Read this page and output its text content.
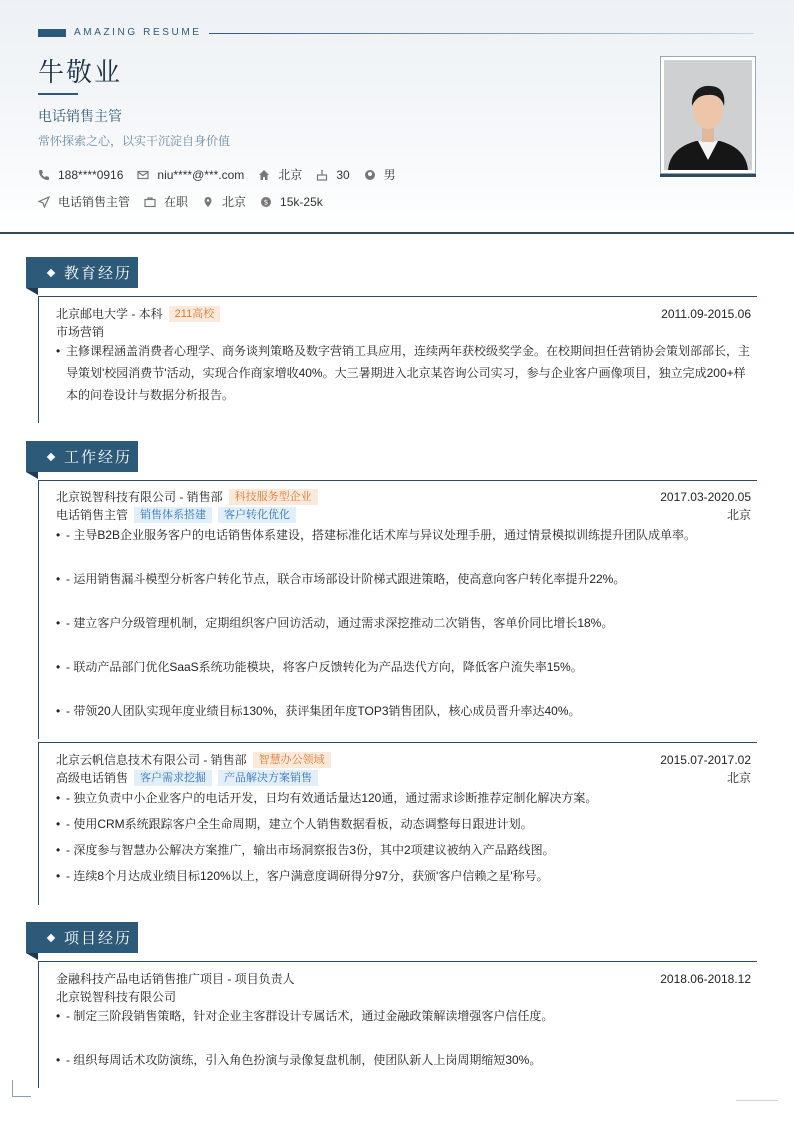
AMAZING RESUME
牛敬业
电话销售主管
常怀探索之心，以实干沉淀自身价值
188****0916	niu****@***.com	北京	30	男
电话销售主管	在职	北京	$ 15k-25k
教育经历
北京邮电大学 - 本科	211高校	2011.09-2015.06
市场营销
• 主修课程涵盖消费者心理学、商务谈判策略及数字营销工具应用，连续两年获校级奖学金。在校期间担任营销协会策划部部长，主导策划'校园消费节'活动，实现合作商家增收40%。大三暑期进入北京某咨询公司实习，参与企业客户画像项目，独立完成200+样本的问卷设计与数据分析报告。
工作经历
北京锐智科技有限公司 - 销售部	科技服务型企业	2017.03-2020.05
电话销售主管	销售体系搭建	客户转化优化	北京
• - 主导B2B企业服务客户的电话销售体系建设，搭建标准化话术库与异议处理手册，通过情景模拟训练提升团队成单率。
• - 运用销售漏斗模型分析客户转化节点，联合市场部设计阶梯式跟进策略，使高意向客户转化率提升22%。
• - 建立客户分级管理机制，定期组织客户回访活动，通过需求深挖推动二次销售，客单价同比增长18%。
• - 联动产品部门优化SaaS系统功能模块，将客户反馈转化为产品迭代方向，降低客户流失率15%。
• - 带领20人团队实现年度业绩目标130%，获评集团年度TOP3销售团队，核心成员晋升率达40%。
北京云帆信息技术有限公司 - 销售部	智慧办公领域	2015.07-2017.02
高级电话销售	客户需求挖掘	产品解决方案销售	北京
• - 独立负责中小企业客户的电话开发，日均有效通话量达120通，通过需求诊断推荐定制化解决方案。
• - 使用CRM系统跟踪客户全生命周期，建立个人销售数据看板，动态调整每日跟进计划。
• - 深度参与智慧办公解决方案推广，输出市场洞察报告3份，其中2项建议被纳入产品路线图。
• - 连续8个月达成业绩目标120%以上，客户满意度调研得分97分，获颁'客户信赖之星'称号。
项目经历
金融科技产品电话销售推广项目 - 项目负责人	2018.06-2018.12
北京锐智科技有限公司
• - 制定三阶段销售策略，针对企业主客群设计专属话术，通过金融政策解读增强客户信任度。
• - 组织每周话术攻防演练，引入角色扮演与录像复盘机制，使团队新人上岗周期缩短30%。
